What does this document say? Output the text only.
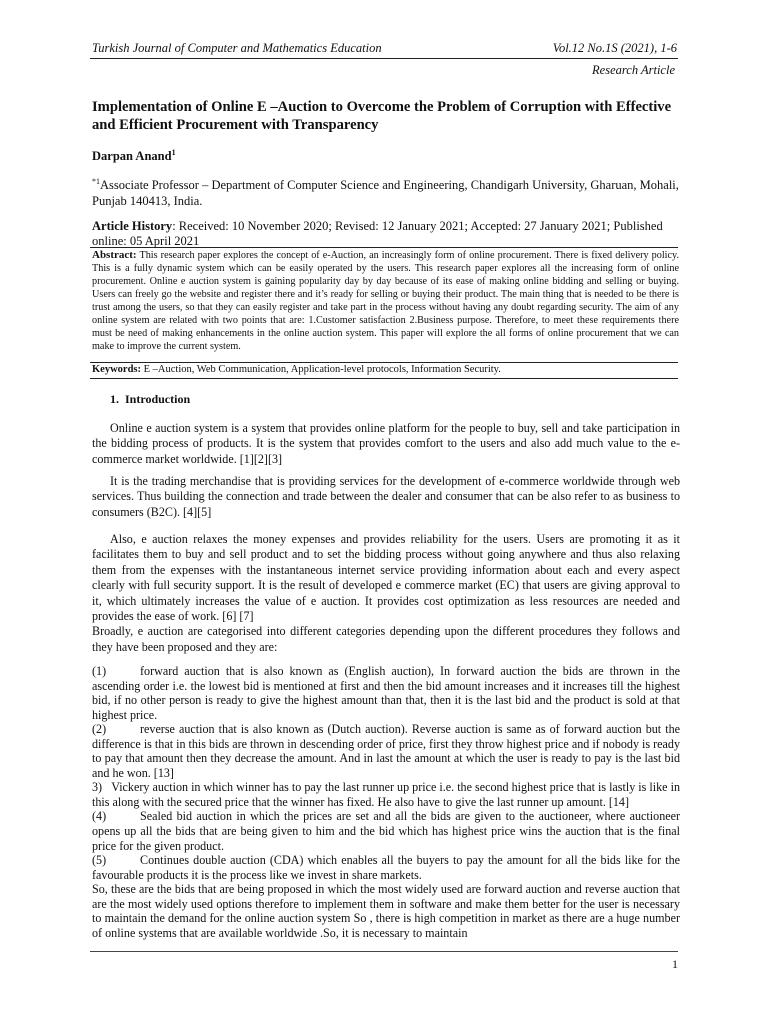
Turkish Journal of Computer and Mathematics Education	Vol.12 No.1S (2021), 1-6
Research Article
Implementation of Online E –Auction to Overcome the Problem of Corruption with Effective and Efficient Procurement with Transparency
Darpan Anand$^1$
$^{*1}$Associate Professor – Department of Computer Science and Engineering, Chandigarh University, Gharuan, Mohali, Punjab 140413, India.
Article History: Received: 10 November 2020; Revised: 12 January 2021; Accepted: 27 January 2021; Published online: 05 April 2021
Abstract: This research paper explores the concept of e-Auction, an increasingly form of online procurement. There is fixed delivery policy. This is a fully dynamic system which can be easily operated by the users. This research paper explores all the increasing form of online procurement. Online e auction system is gaining popularity day by day because of its ease of making online bidding and selling or buying. Users can freely go the website and register there and it’s ready for selling or buying their product. The main thing that is needed to be there is trust among the users, so that they can easily register and take part in the process without having any doubt regarding security. The aim of any online system are related with two points that are: 1.Customer satisfaction 2.Business purpose. Therefore, to meet these requirements there must be need of making enhancements in the online auction system. This paper will explore the all forms of online procurement that we can make to improve the current system.
Keywords: E –Auction, Web Communication, Application-level protocols, Information Security.
1.  Introduction

Online e auction system is a system that provides online platform for the people to buy, sell and take participation in the bidding process of products. It is the system that provides comfort to the users and also add much value to the e-commerce market worldwide. [1][2][3]

It is the trading merchandise that is providing services for the development of e-commerce worldwide through web services. Thus building the connection and trade between the dealer and consumer that can be also refer to as business to consumers (B2C). [4][5]

Also, e auction relaxes the money expenses and provides reliability for the users. Users are promoting it as it facilitates them to buy and sell product and to set the bidding process without going anywhere and thus also relaxing them from the expenses with the instantaneous internet service providing information about each and every aspect clearly with full security support. It is the result of developed e commerce market (EC) that users are giving approval to it, which ultimately increases the value of e auction. It provides cost optimization as less resources are needed and provides the ease of work. [6] [7]

Broadly, e auction are categorised into different categories depending upon the different procedures they follows and they have been proposed and they are:

(1)	forward auction that is also known as (English auction), In forward auction the bids are thrown in the ascending order i.e. the lowest bid is mentioned at first and then the bid amount increases and it increases till the highest bid, if no other person is ready to give the highest amount than that, then it is the last bid and the product is sold at that highest price.

(2)	reverse auction that is also known as (Dutch auction). Reverse auction is same as of forward auction but the difference is that in this bids are thrown in descending order of price, first they throw highest price and if nobody is ready to pay that amount then they decrease the amount. And in last the amount at which the user is ready to pay is the last bid and he won. [13]

3) Vickery auction in which winner has to pay the last runner up price i.e. the second highest price that is lastly is like in this along with the secured price that the winner has fixed. He also have to give the last runner up amount. [14]

(4)	Sealed bid auction in which the prices are set and all the bids are given to the auctioneer, where auctioneer opens up all the bids that are being given to him and the bid which has highest price wins the auction that is the final price for the given product.

(5)	Continues double auction (CDA) which enables all the buyers to pay the amount for all the bids like for the favourable products it is the process like we invest in share markets.

So, these are the bids that are being proposed in which the most widely used are forward auction and reverse auction that are the most widely used options therefore to implement them in software and make them better for the user is necessary to maintain the demand for the online auction system So , there is high competition in market as there are a huge number of online systems that are available worldwide .So, it is necessary to maintain

1
